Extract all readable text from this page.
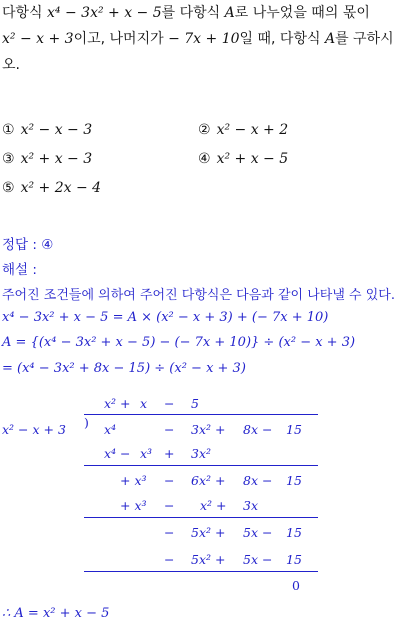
다항식 x⁴ − 3x² + x − 5를 다항식 A로 나누었을 때의 몫이
x² − x + 3이고, 나머지가 − 7x + 10일 때, 다항식 A를 구하시
오.
① x² − x − 3	② x² − x + 2
③ x² + x − 3	④ x² + x − 5
⑤ x² + 2x − 4
정답 : ④
해설 :
주어진 조건들에 의하여 주어진 다항식은 다음과 같이 나타낼 수 있다.
x⁴ − 3x² + x − 5 = A × (x² − x + 3) + (− 7x + 10)
A = {(x⁴ − 3x² + x − 5) − (− 7x + 10)} ÷ (x² − x + 3)
= (x⁴ − 3x² + 8x − 15) ÷ (x² − x + 3)
x² − x + 3 )
x² + x − 5
x⁴	− 3x² + 8x − 15
x⁴ − x³ + 3x²
+ x³ − 6x² + 8x − 15
+ x³ − x² + 3x
− 5x² + 5x − 15
− 5x² + 5x − 15
0
∴ A = x² + x − 5
